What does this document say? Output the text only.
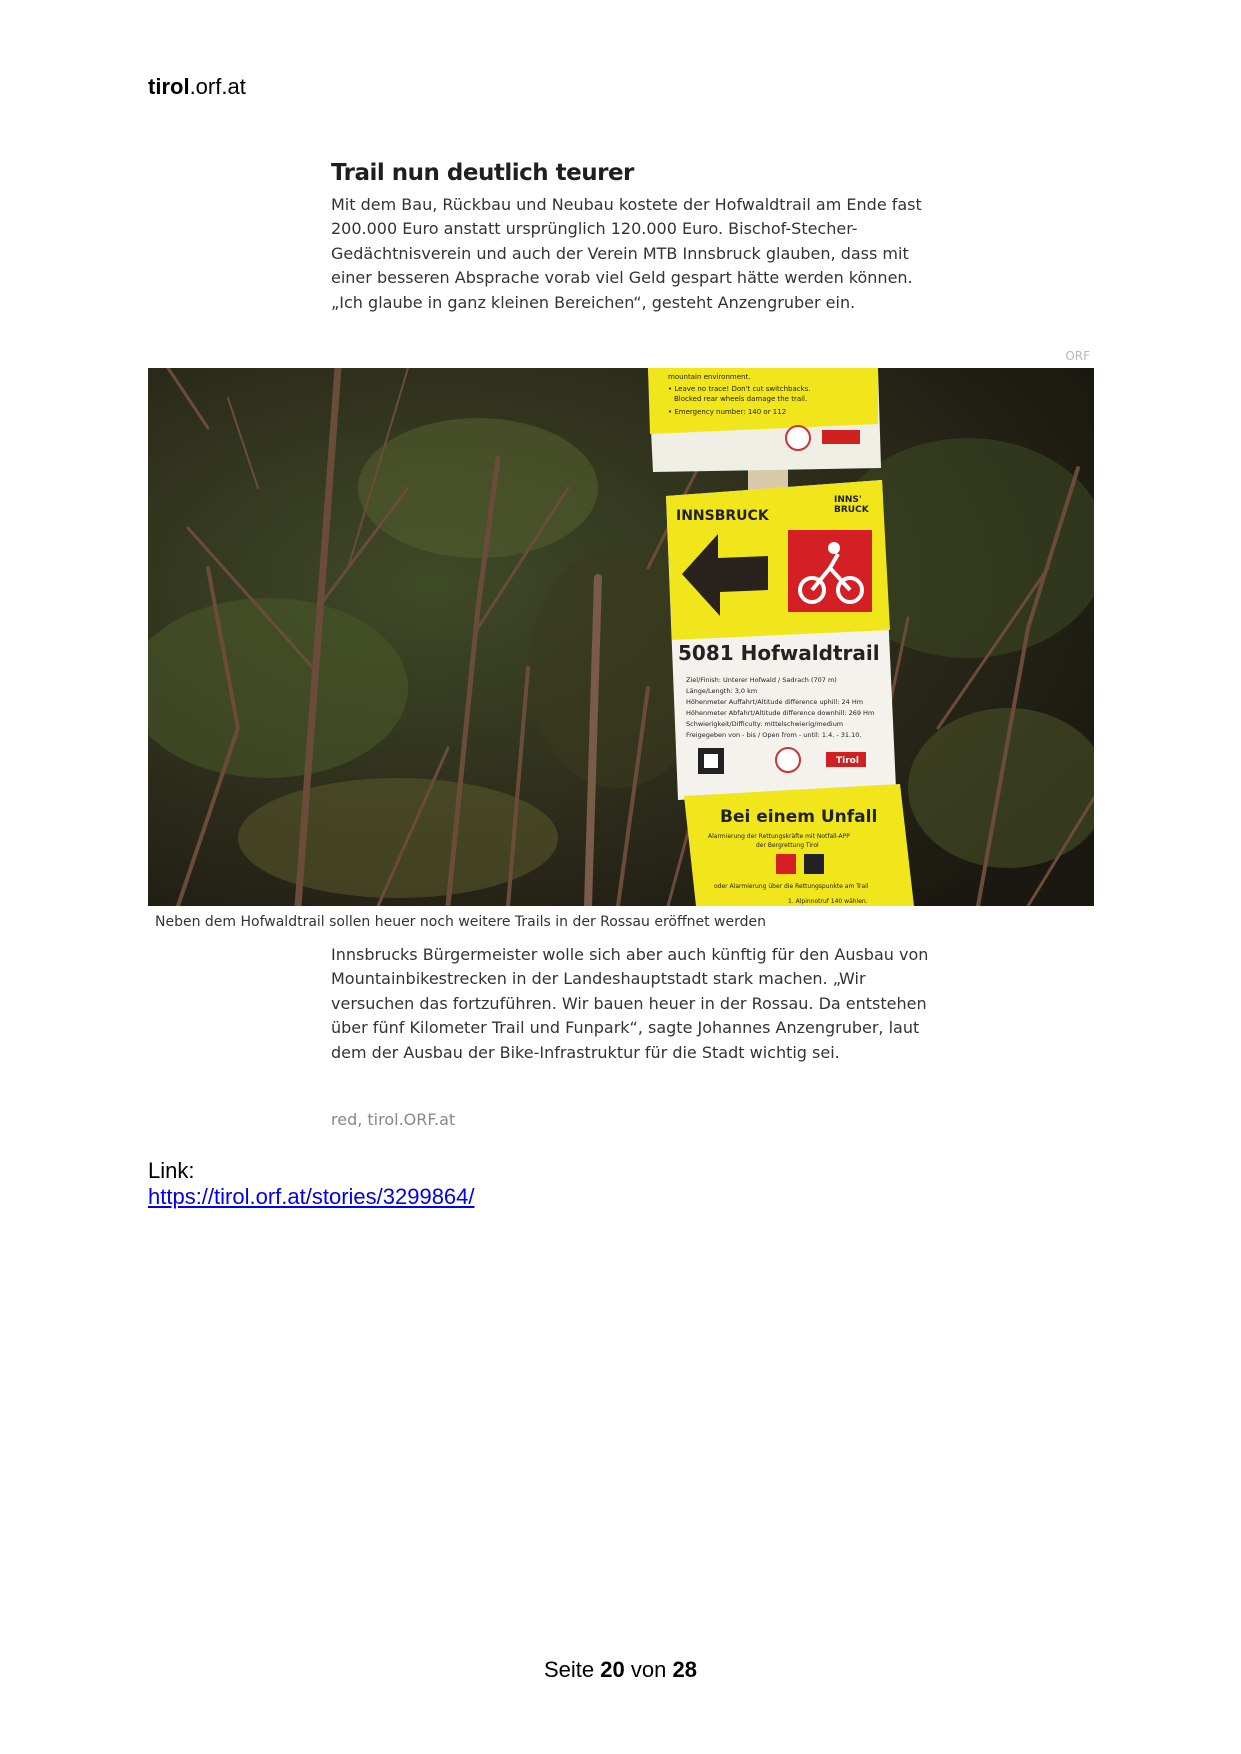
tirol.orf.at
Trail nun deutlich teurer
Mit dem Bau, Rückbau und Neubau kostete der Hofwaldtrail am Ende fast 200.000 Euro anstatt ursprünglich 120.000 Euro. Bischof-Stecher-Gedächtnisverein und auch der Verein MTB Innsbruck glauben, dass mit einer besseren Absprache vorab viel Geld gespart hätte werden können. „Ich glaube in ganz kleinen Bereichen“, gesteht Anzengruber ein.
ORF
mountain environment.
• Leave no trace! Don't cut switchbacks.
Blocked rear wheels damage the trail.
• Emergency number: 140 or 112
INNSBRUCK
INNS'
BRUCK
5081 Hofwaldtrail
Ziel/Finish: Unterer Hofwald / Sadrach (707 m)
Länge/Length: 3,0 km
Höhenmeter Auffahrt/Altitude difference uphill: 24 Hm
Höhenmeter Abfahrt/Altitude difference downhill: 269 Hm
Schwierigkeit/Difficulty: mittelschwierig/medium
Freigegeben von - bis / Open from - until: 1.4. - 31.10.
Tirol
Bei einem Unfall
Alarmierung der Rettungskräfte mit Notfall-APP
der Bergrettung Tirol
oder Alarmierung über die Rettungspunkte am Trail
1. Alpinnotruf 140 wählen.
Neben dem Hofwaldtrail sollen heuer noch weitere Trails in der Rossau eröffnet werden
Innsbrucks Bürgermeister wolle sich aber auch künftig für den Ausbau von Mountainbikestrecken in der Landeshauptstadt stark machen. „Wir versuchen das fortzuführen. Wir bauen heuer in der Rossau. Da entstehen über fünf Kilometer Trail und Funpark“, sagte Johannes Anzengruber, laut dem der Ausbau der Bike-Infrastruktur für die Stadt wichtig sei.
red, tirol.ORF.at
Link:
https://tirol.orf.at/stories/3299864/
Seite 20 von 28
